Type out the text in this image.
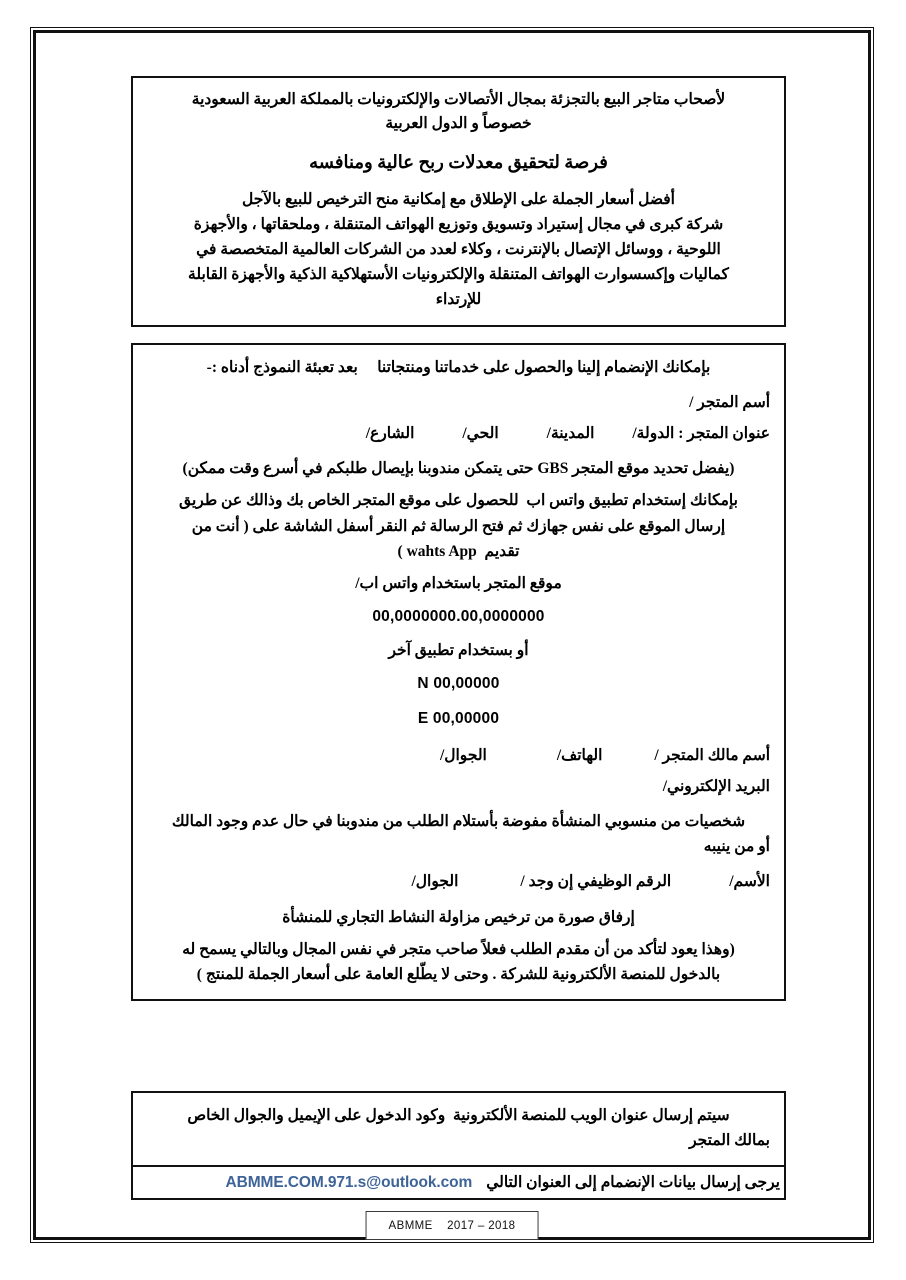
لأصحاب متاجر البيع بالتجزئة بمجال الأتصالات والإلكترونيات بالمملكة العربية السعودية
خصوصاً و الدول العربية
فرصة لتحقيق معدلات ربح عالية ومنافسه
أفضل أسعار الجملة على الإطلاق مع إمكانية منح الترخيص للبيع بالآجل
شركة كبرى في مجال إستيراد وتسويق وتوزيع الهواتف المتنقلة ، وملحقاتها ، والأجهزة
اللوحية ، ووسائل الإتصال بالإنترنت ، وكلاء لعدد من الشركات العالمية المتخصصة في
كماليات وإكسسوارت الهواتف المتنقلة والإلكترونيات الأستهلاكية الذكية والأجهزة القابلة
للإرتداء
بإمكانك الإنضمام إلينا والحصول على خدماتنا ومنتجاتنا     بعد تعبئة النموذج أدناه :-
أسم المتجر /
عنوان المتجر : الدولة/
المدينة/
الحي/
الشارع/
(يفضل تحديد موقع المتجر GBS حتى يتمكن مندوبنا بإيصال طلبكم في أسرع وقت ممكن)
بإمكانك إستخدام تطبيق واتس اب  للحصول على موقع المتجر الخاص بك وذالك عن طريق
إرسال الموقع على نفس جهازك ثم فتح الرسالة ثم النقر أسفل الشاشة على ( أنت من
تقديم  wahts App )
موقع المتجر باستخدام واتس اب/
00,0000000.00,0000000
أو بستخدام تطبيق آخر
N 00,00000
E 00,00000
أسم مالك المتجر /
الهاتف/
الجوال/
البريد الإلكتروني/
شخصيات من منسوبي المنشأة مفوضة بأستلام الطلب من مندوبنا في حال عدم وجود المالك
أو من ينيبه
الأسم/
الرقم الوظيفي إن وجد /
الجوال/
إرفاق صورة من ترخيص مزاولة النشاط التجاري للمنشأة
(وهذا يعود لتأكد من أن مقدم الطلب فعلاً صاحب متجر في نفس المجال وبالتالي يسمح له
بالدخول للمنصة الألكترونية للشركة . وحتى لا يطّلع العامة على أسعار الجملة للمنتج )
سيتم إرسال عنوان الويب للمنصة الألكترونية  وكود الدخول على الإيميل والجوال الخاص
بمالك المتجر
يرجى إرسال بيانات الإنضمام إلى العنوان التالي
ABMME.COM.971.s@outlook.com
ABMME    2017 – 2018
